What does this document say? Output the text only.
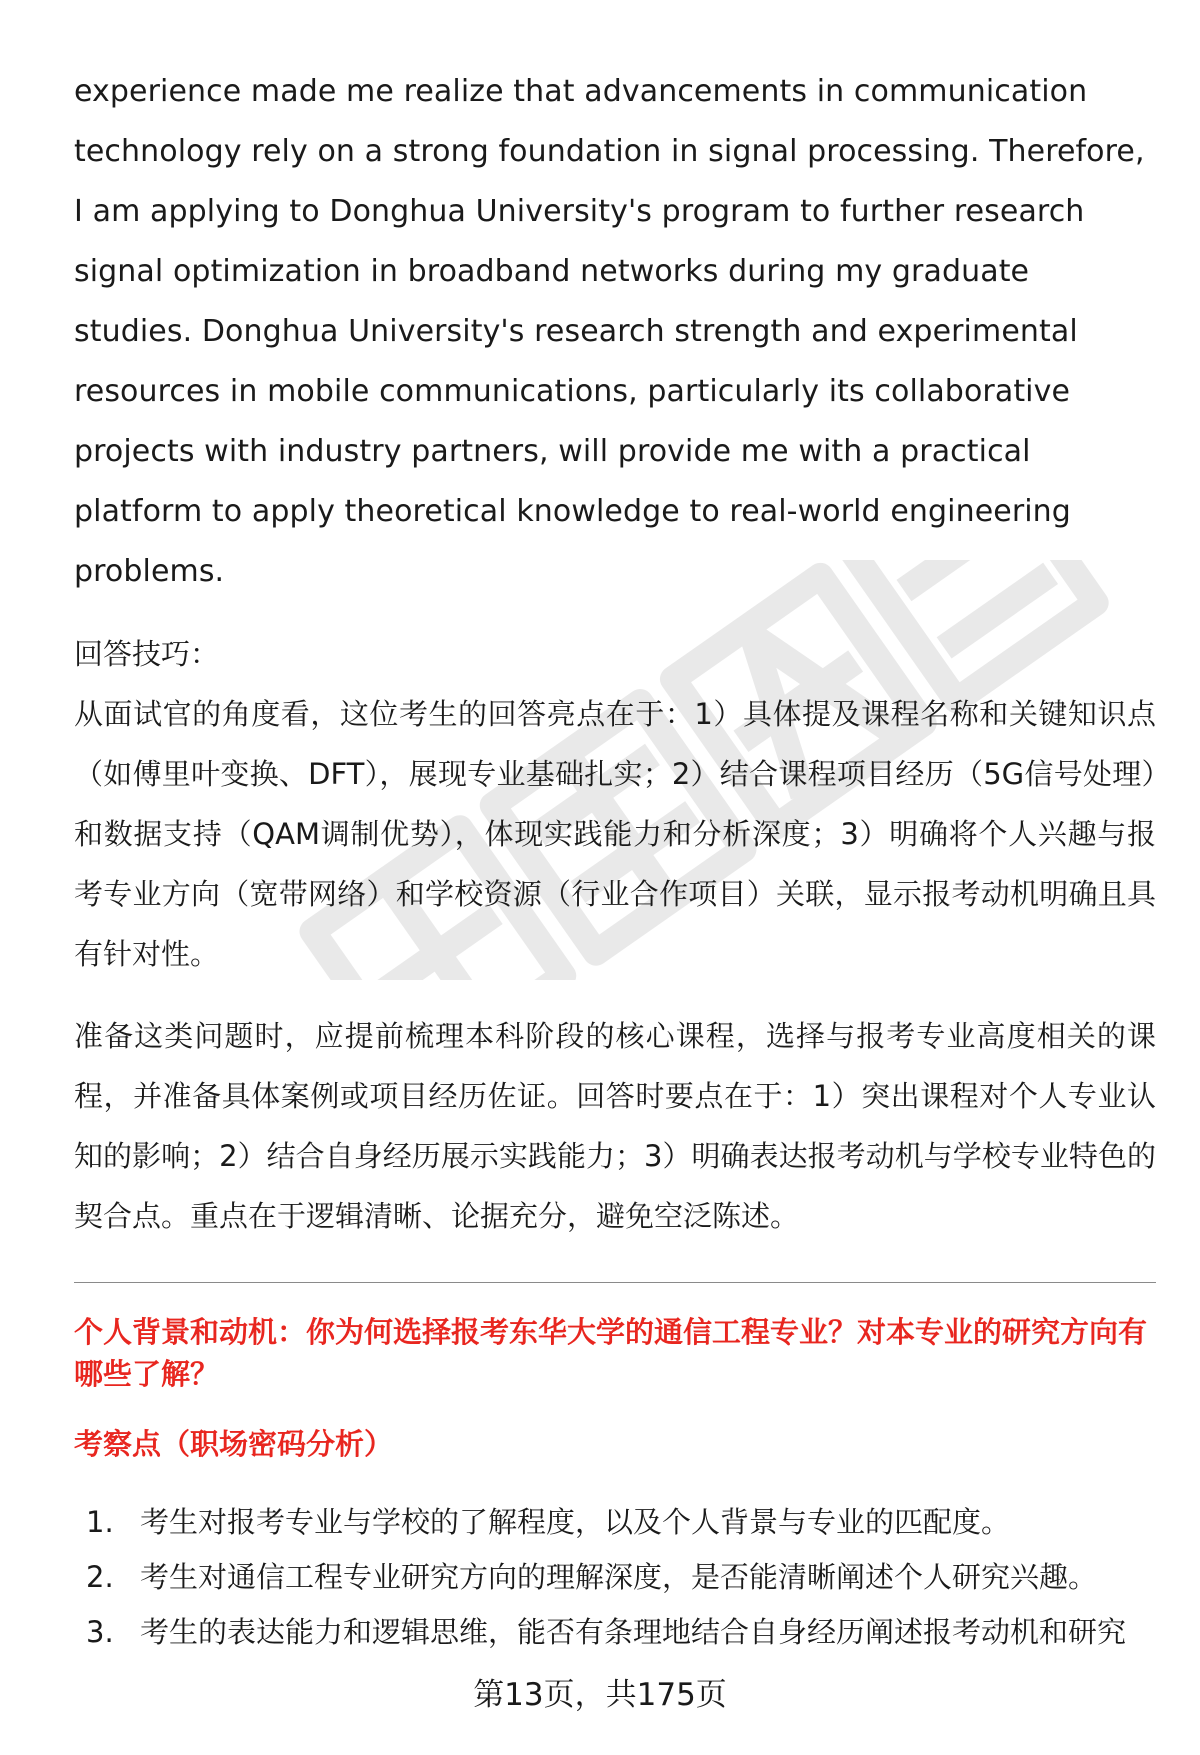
experience made me realize that advancements in communication technology rely on a strong foundation in signal processing. Therefore, I am applying to Donghua University's program to further research signal optimization in broadband networks during my graduate studies. Donghua University's research strength and experimental resources in mobile communications, particularly its collaborative projects with industry partners, will provide me with a practical platform to apply theoretical knowledge to real-world engineering problems.

回答技巧：

从面试官的角度看，这位考生的回答亮点在于：1）具体提及课程名称和关键知识点（如傅里叶变换、DFT），展现专业基础扎实；2）结合课程项目经历（5G信号处理）和数据支持（QAM调制优势），体现实践能力和分析深度；3）明确将个人兴趣与报考专业方向（宽带网络）和学校资源（行业合作项目）关联，显示报考动机明确且具有针对性。

准备这类问题时，应提前梳理本科阶段的核心课程，选择与报考专业高度相关的课程，并准备具体案例或项目经历佐证。回答时要点在于：1）突出课程对个人专业认知的影响；2）结合自身经历展示实践能力；3）明确表达报考动机与学校专业特色的契合点。重点在于逻辑清晰、论据充分，避免空泛陈述。

个人背景和动机：你为何选择报考东华大学的通信工程专业？对本专业的研究方向有哪些了解？
考察点（职场密码分析）
1. 考生对报考专业与学校的了解程度，以及个人背景与专业的匹配度。
2. 考生对通信工程专业研究方向的理解深度，是否能清晰阐述个人研究兴趣。
3. 考生的表达能力和逻辑思维，能否有条理地结合自身经历阐述报考动机和研究
第13页，共175页
